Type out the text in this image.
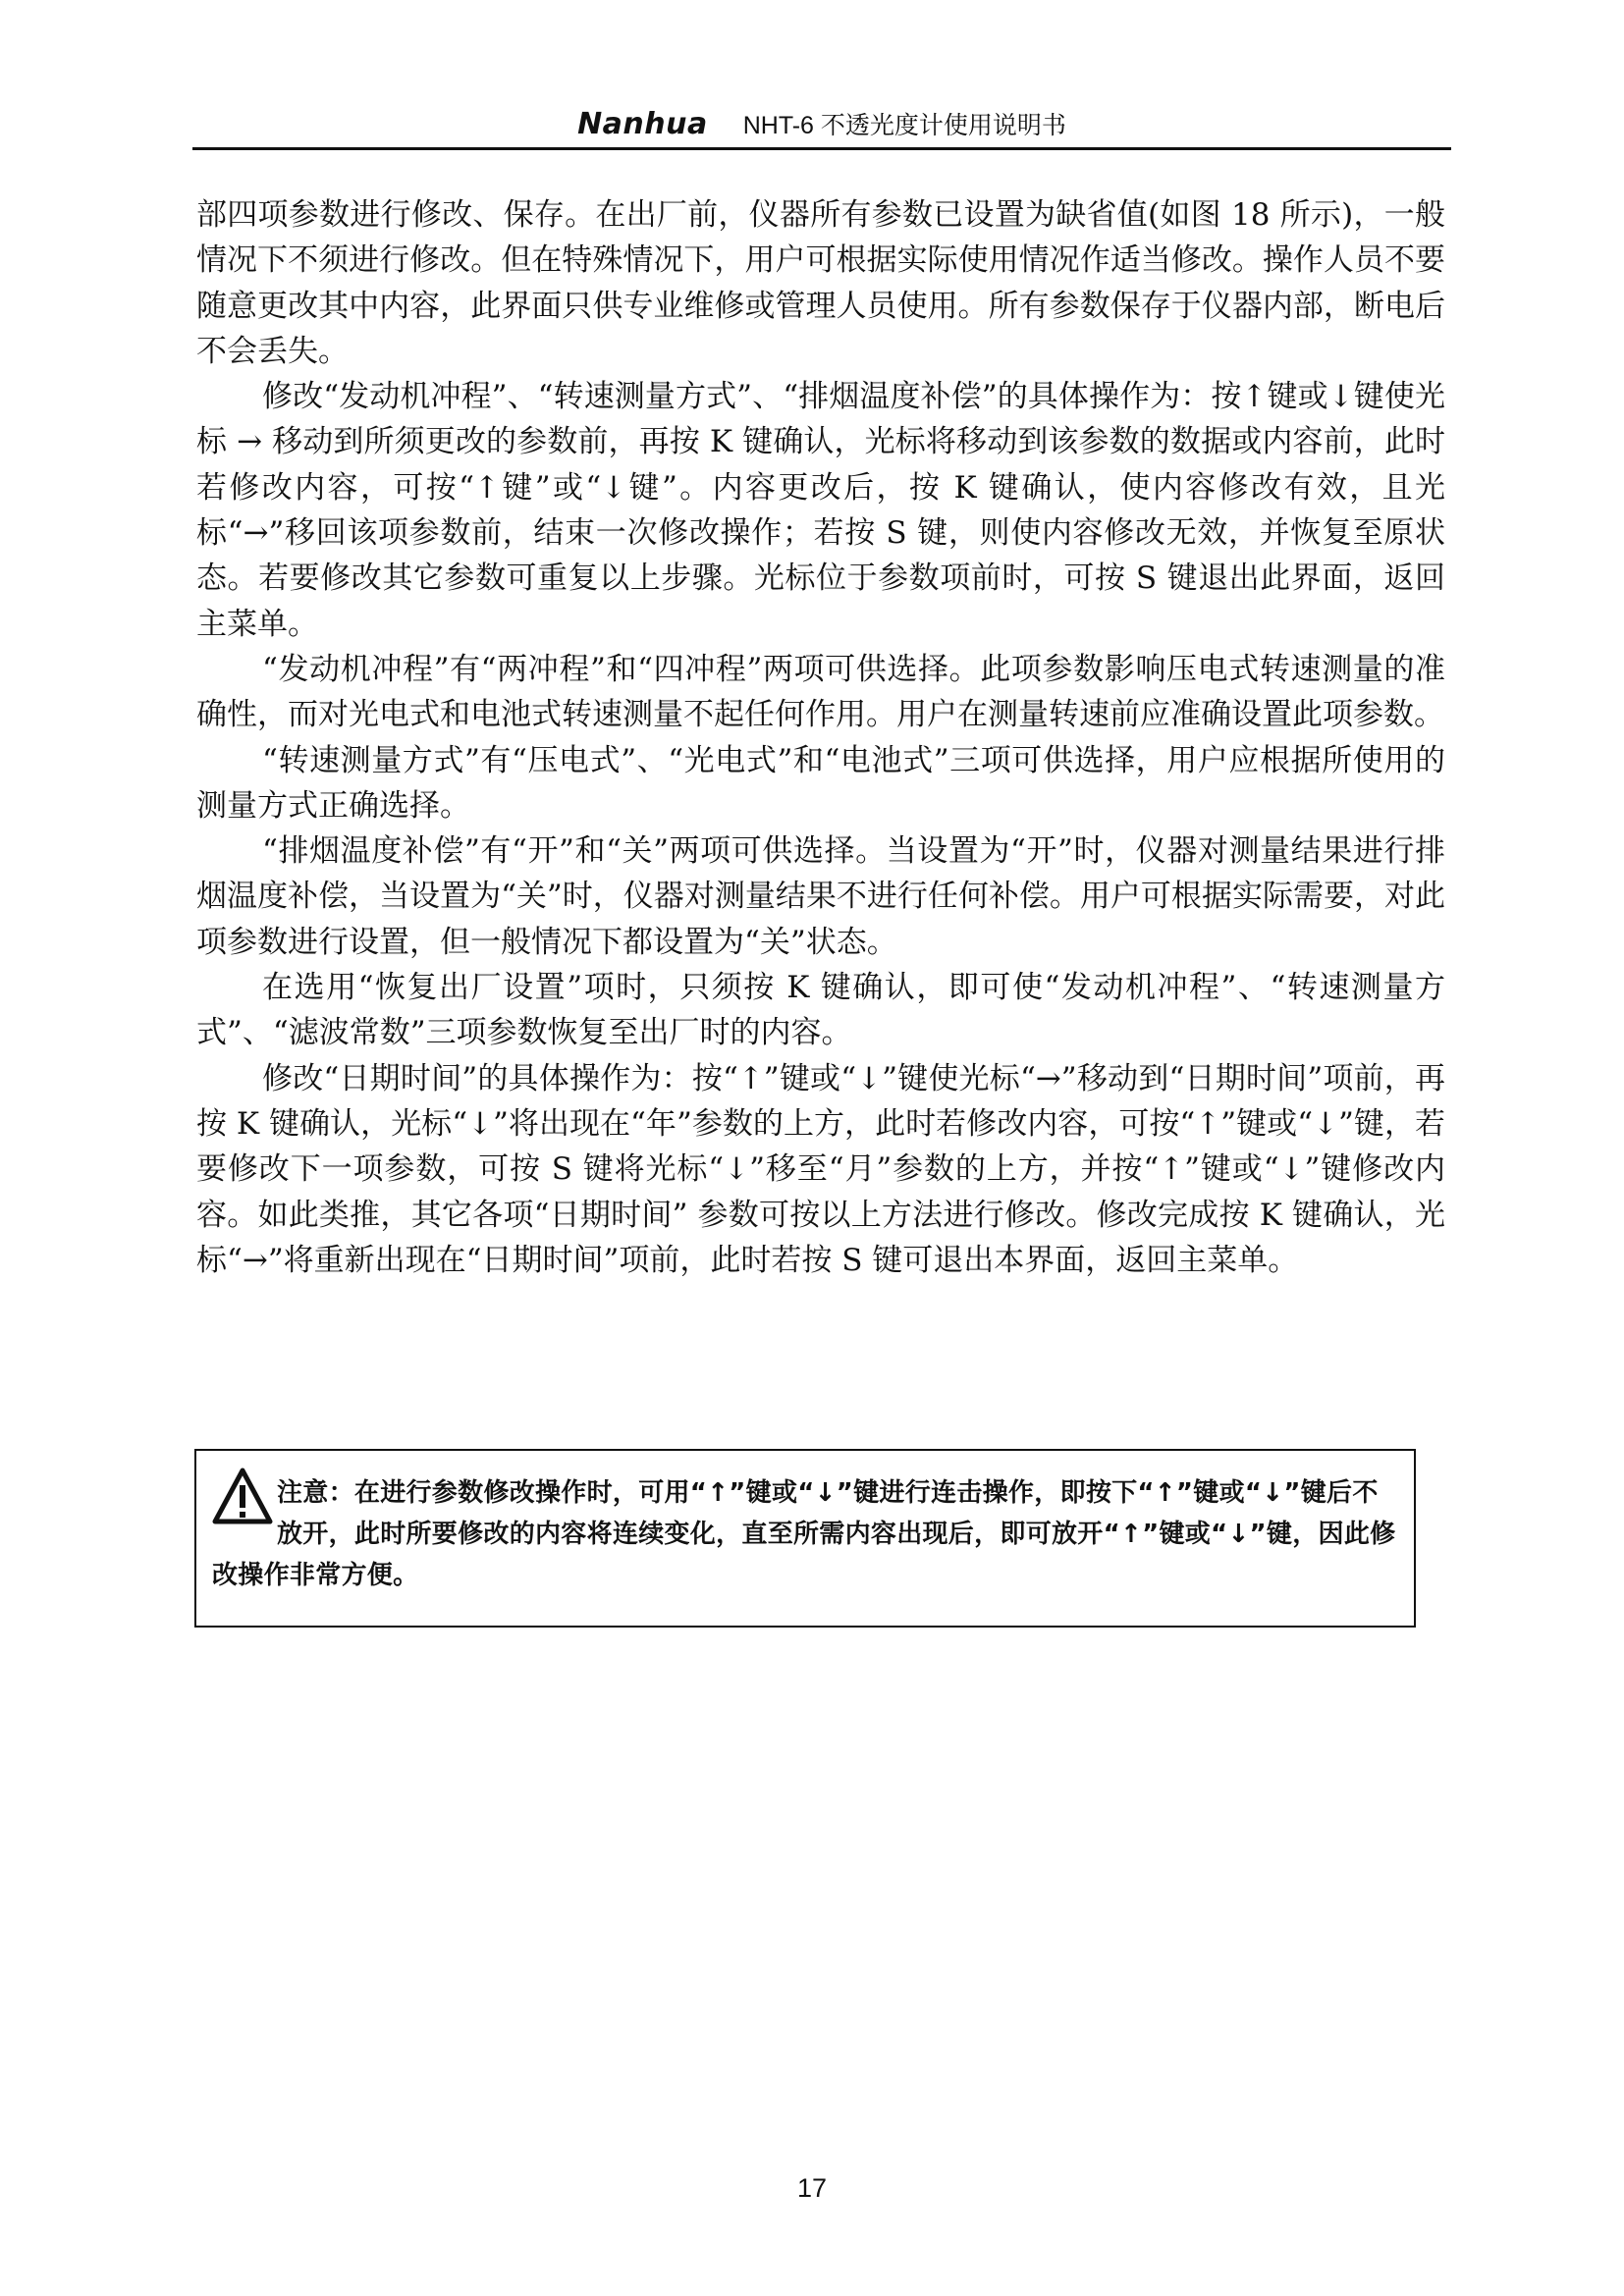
Nanhua NHT-6 不透光度计使用说明书

部四项参数进行修改、保存。在出厂前，仪器所有参数已设置为缺省值(如图 18 所示)，一般情况下不须进行修改。但在特殊情况下，用户可根据实际使用情况作适当修改。操作人员不要随意更改其中内容，此界面只供专业维修或管理人员使用。所有参数保存于仪器内部，断电后不会丢失。

修改“发动机冲程”、“转速测量方式”、“排烟温度补偿”的具体操作为：按↑键或↓键使光标 → 移动到所须更改的参数前，再按 K 键确认，光标将移动到该参数的数据或内容前，此时若修改内容，可按“↑键”或“↓键”。内容更改后，按 K 键确认，使内容修改有效，且光标“→”移回该项参数前，结束一次修改操作；若按 S 键，则使内容修改无效，并恢复至原状态。若要修改其它参数可重复以上步骤。光标位于参数项前时，可按 S 键退出此界面，返回主菜单。

“发动机冲程”有“两冲程”和“四冲程”两项可供选择。此项参数影响压电式转速测量的准确性，而对光电式和电池式转速测量不起任何作用。用户在测量转速前应准确设置此项参数。

“转速测量方式”有“压电式”、“光电式”和“电池式”三项可供选择，用户应根据所使用的测量方式正确选择。

“排烟温度补偿”有“开”和“关”两项可供选择。当设置为“开”时，仪器对测量结果进行排烟温度补偿，当设置为“关”时，仪器对测量结果不进行任何补偿。用户可根据实际需要，对此项参数进行设置，但一般情况下都设置为“关”状态。

在选用“恢复出厂设置”项时，只须按 K 键确认，即可使“发动机冲程”、“转速测量方式”、“滤波常数”三项参数恢复至出厂时的内容。

修改“日期时间”的具体操作为：按“↑”键或“↓”键使光标“→”移动到“日期时间”项前，再按 K 键确认，光标“↓”将出现在“年”参数的上方，此时若修改内容，可按“↑”键或“↓”键，若要修改下一项参数，可按 S 键将光标“↓”移至“月”参数的上方，并按“↑”键或“↓”键修改内容。如此类推，其它各项“日期时间” 参数可按以上方法进行修改。修改完成按 K 键确认，光标“→”将重新出现在“日期时间”项前，此时若按 S 键可退出本界面，返回主菜单。

注意：在进行参数修改操作时，可用“↑”键或“↓”键进行连击操作，即按下“↑”键或“↓”键后不放开，此时所要修改的内容将连续变化，直至所需内容出现后，即可放开“↑”键或“↓”键，因此修改操作非常方便。

17
